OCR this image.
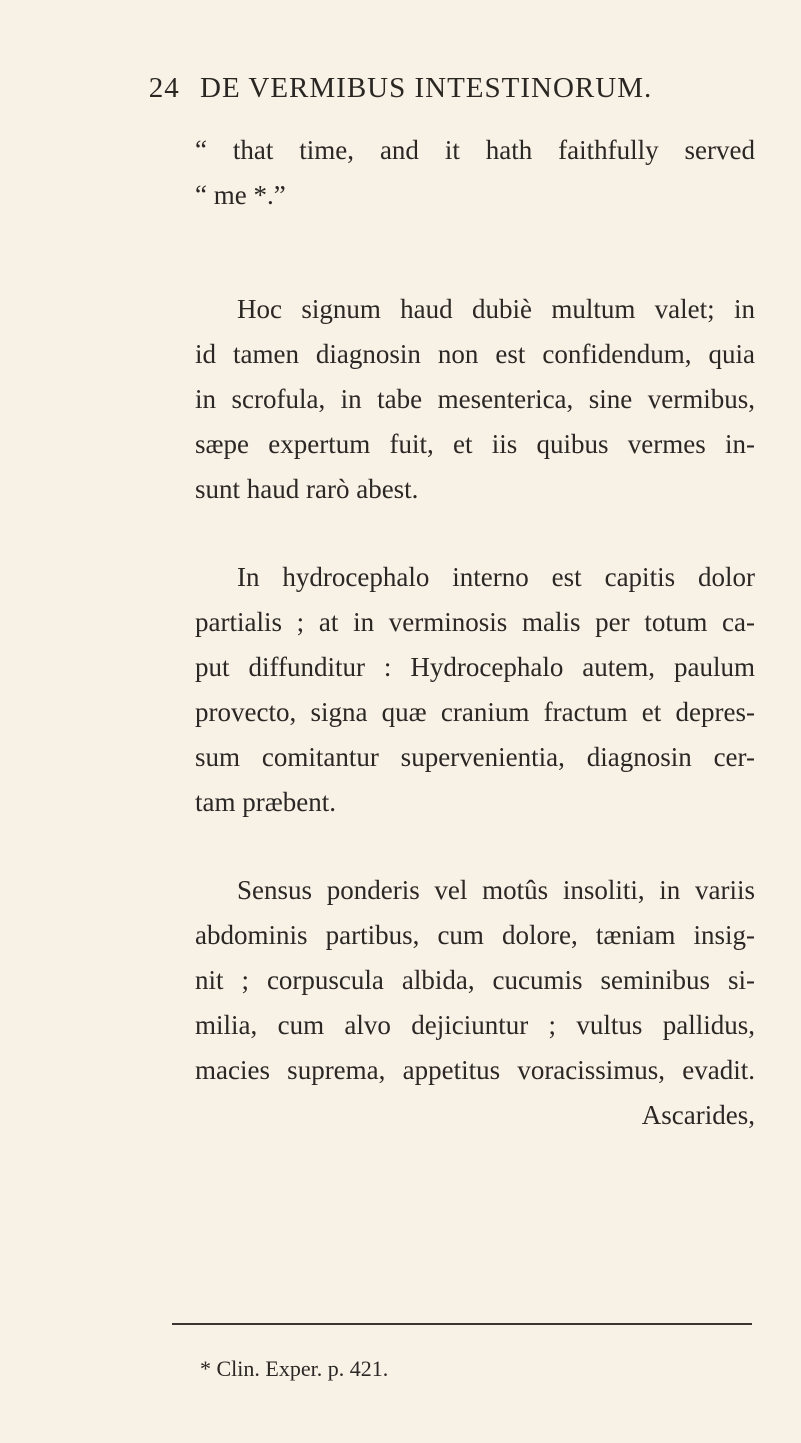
24 DE VERMIBUS INTESTINORUM.
“ that time, and it hath faithfully served
“ me *.”
Hoc signum haud dubiè multum valet; in
id tamen diagnosin non est confidendum, quia
in scrofula, in tabe mesenterica, sine vermibus,
sæpe expertum fuit, et iis quibus vermes in-
sunt haud rarò abest.
In hydrocephalo interno est capitis dolor
partialis ; at in verminosis malis per totum ca-
put diffunditur : Hydrocephalo autem, paulum
provecto, signa quæ cranium fractum et depres-
sum comitantur supervenientia, diagnosin cer-
tam præbent.
Sensus ponderis vel motûs insoliti, in variis
abdominis partibus, cum dolore, tæniam insig-
nit ; corpuscula albida, cucumis seminibus si-
milia, cum alvo dejiciuntur ; vultus pallidus,
macies suprema, appetitus voracissimus, evadit.
Ascarides,
* Clin. Exper. p. 421.
